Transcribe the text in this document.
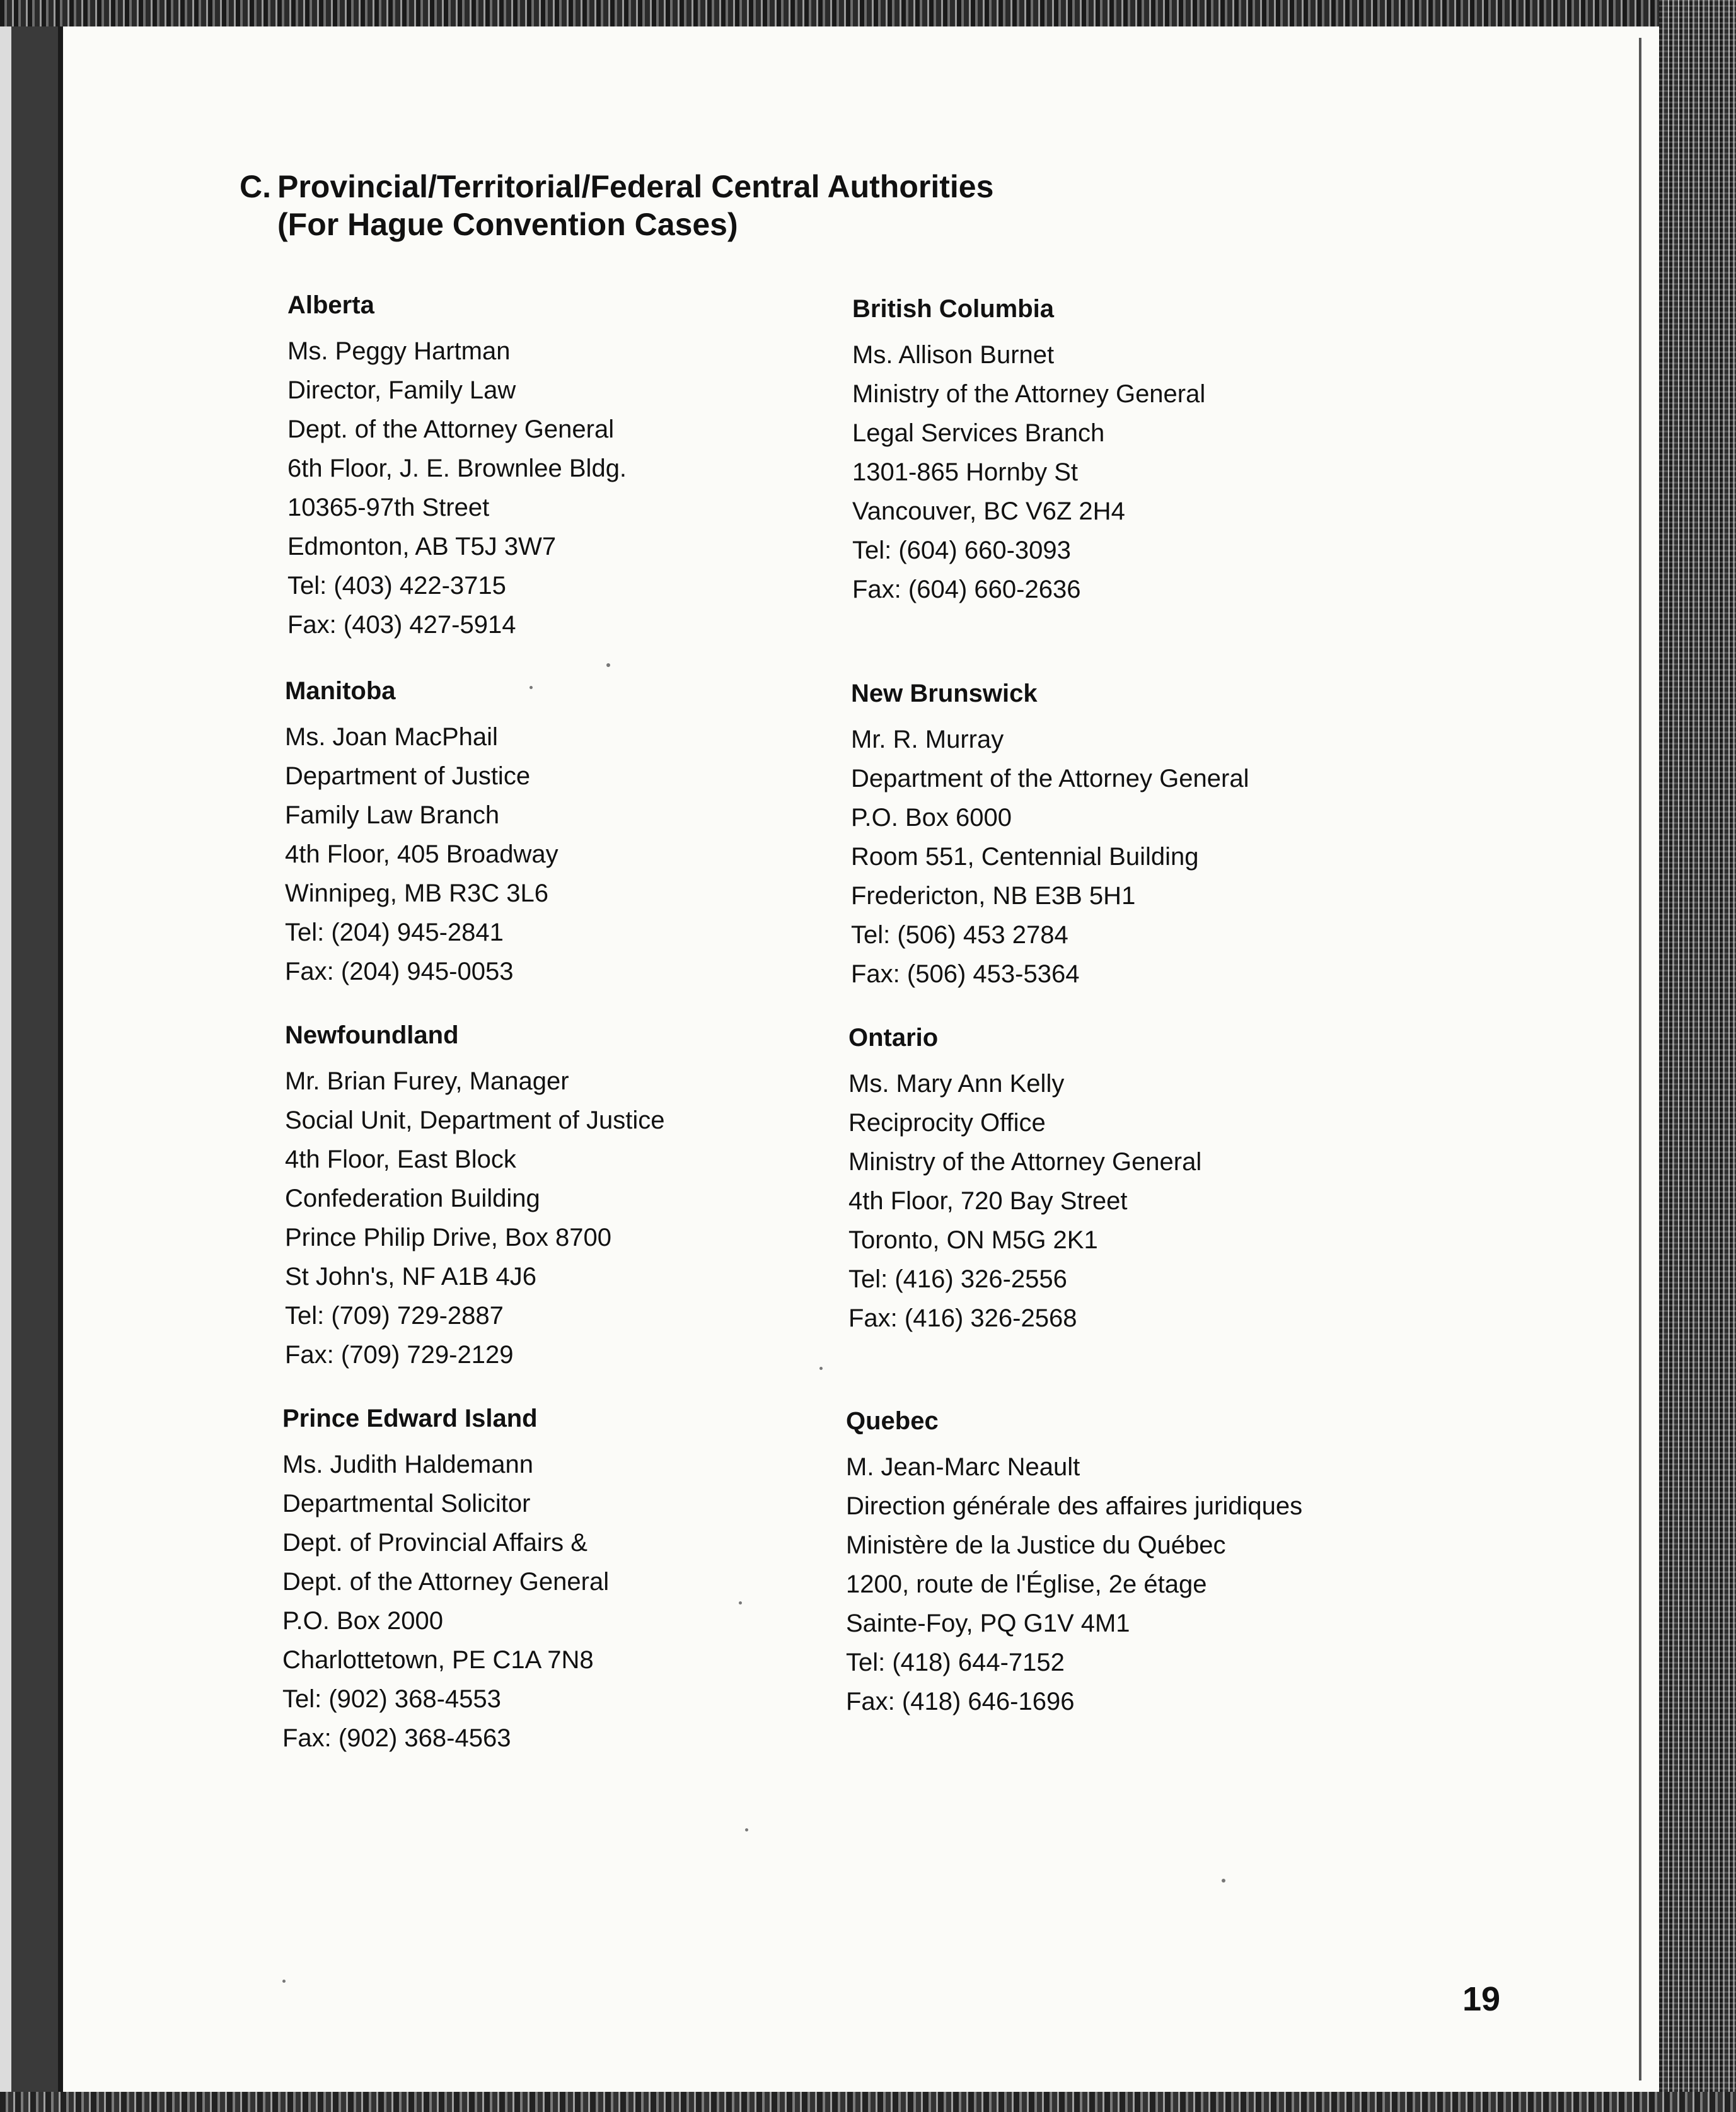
C. Provincial/Territorial/Federal Central Authorities
(For Hague Convention Cases)
Alberta
Ms. Peggy Hartman
Director, Family Law
Dept. of the Attorney General
6th Floor, J. E. Brownlee Bldg.
10365-97th Street
Edmonton, AB T5J 3W7
Tel: (403) 422-3715
Fax: (403) 427-5914
British Columbia
Ms. Allison Burnet
Ministry of the Attorney General
Legal Services Branch
1301-865 Hornby St
Vancouver, BC V6Z 2H4
Tel: (604) 660-3093
Fax: (604) 660-2636
Manitoba
Ms. Joan MacPhail
Department of Justice
Family Law Branch
4th Floor, 405 Broadway
Winnipeg, MB R3C 3L6
Tel: (204) 945-2841
Fax: (204) 945-0053
New Brunswick
Mr. R. Murray
Department of the Attorney General
P.O. Box 6000
Room 551, Centennial Building
Fredericton, NB E3B 5H1
Tel: (506) 453 2784
Fax: (506) 453-5364
Newfoundland
Mr. Brian Furey, Manager
Social Unit, Department of Justice
4th Floor, East Block
Confederation Building
Prince Philip Drive, Box 8700
St John's, NF A1B 4J6
Tel: (709) 729-2887
Fax: (709) 729-2129
Ontario
Ms. Mary Ann Kelly
Reciprocity Office
Ministry of the Attorney General
4th Floor, 720 Bay Street
Toronto, ON M5G 2K1
Tel: (416) 326-2556
Fax: (416) 326-2568
Prince Edward Island
Ms. Judith Haldemann
Departmental Solicitor
Dept. of Provincial Affairs &
Dept. of the Attorney General
P.O. Box 2000
Charlottetown, PE C1A 7N8
Tel: (902) 368-4553
Fax: (902) 368-4563
Quebec
M. Jean-Marc Neault
Direction générale des affaires juridiques
Ministère de la Justice du Québec
1200, route de l'Église, 2e étage
Sainte-Foy, PQ G1V 4M1
Tel: (418) 644-7152
Fax: (418) 646-1696
19
